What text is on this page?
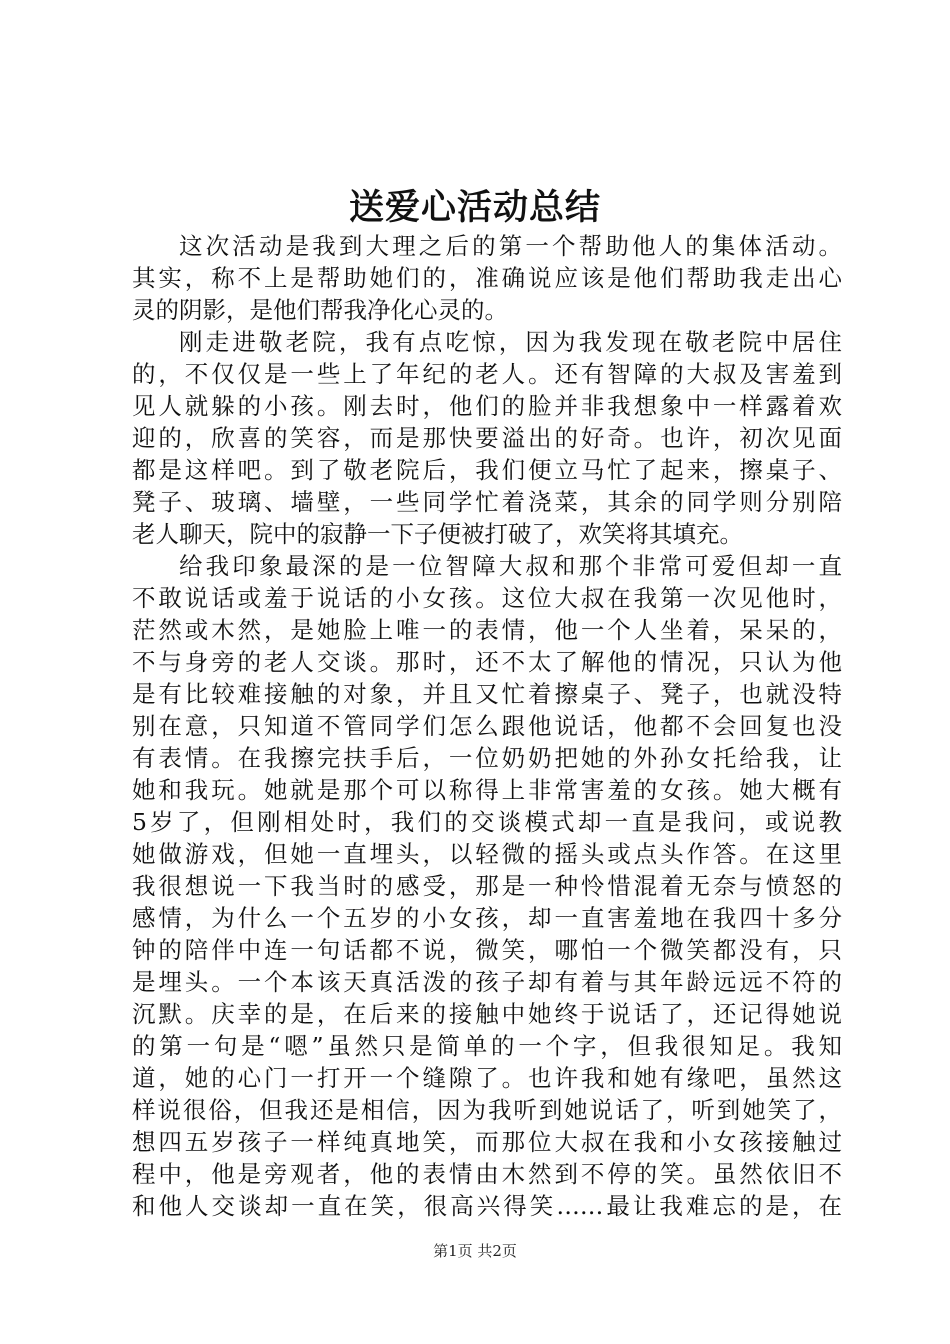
送爱心活动总结
这次活动是我到大理之后的第一个帮助他人的集体活动。
其实，称不上是帮助她们的，准确说应该是他们帮助我走出心
灵的阴影，是他们帮我净化心灵的。
刚走进敬老院，我有点吃惊，因为我发现在敬老院中居住
的，不仅仅是一些上了年纪的老人。还有智障的大叔及害羞到
见人就躲的小孩。刚去时，他们的脸并非我想象中一样露着欢
迎的，欣喜的笑容，而是那快要溢出的好奇。也许，初次见面
都是这样吧。到了敬老院后，我们便立马忙了起来，擦桌子、
凳子、玻璃、墙壁，一些同学忙着浇菜，其余的同学则分别陪
老人聊天，院中的寂静一下子便被打破了，欢笑将其填充。
给我印象最深的是一位智障大叔和那个非常可爱但却一直
不敢说话或羞于说话的小女孩。这位大叔在我第一次见他时，
茫然或木然，是她脸上唯一的表情，他一个人坐着，呆呆的，
不与身旁的老人交谈。那时，还不太了解他的情况，只认为他
是有比较难接触的对象，并且又忙着擦桌子、凳子，也就没特
别在意，只知道不管同学们怎么跟他说话，他都不会回复也没
有表情。在我擦完扶手后，一位奶奶把她的外孙女托给我，让
她和我玩。她就是那个可以称得上非常害羞的女孩。她大概有
5岁了，但刚相处时，我们的交谈模式却一直是我问，或说教
她做游戏，但她一直埋头，以轻微的摇头或点头作答。在这里
我很想说一下我当时的感受，那是一种怜惜混着无奈与愤怒的
感情，为什么一个五岁的小女孩，却一直害羞地在我四十多分
钟的陪伴中连一句话都不说，微笑，哪怕一个微笑都没有，只
是埋头。一个本该天真活泼的孩子却有着与其年龄远远不符的
沉默。庆幸的是，在后来的接触中她终于说话了，还记得她说
的第一句是“嗯”虽然只是简单的一个字，但我很知足。我知
道，她的心门一打开一个缝隙了。也许我和她有缘吧，虽然这
样说很俗，但我还是相信，因为我听到她说话了，听到她笑了，
想四五岁孩子一样纯真地笑，而那位大叔在我和小女孩接触过
程中，他是旁观者，他的表情由木然到不停的笑。虽然依旧不
和他人交谈却一直在笑，很高兴得笑……最让我难忘的是，在
第1页 共2页
